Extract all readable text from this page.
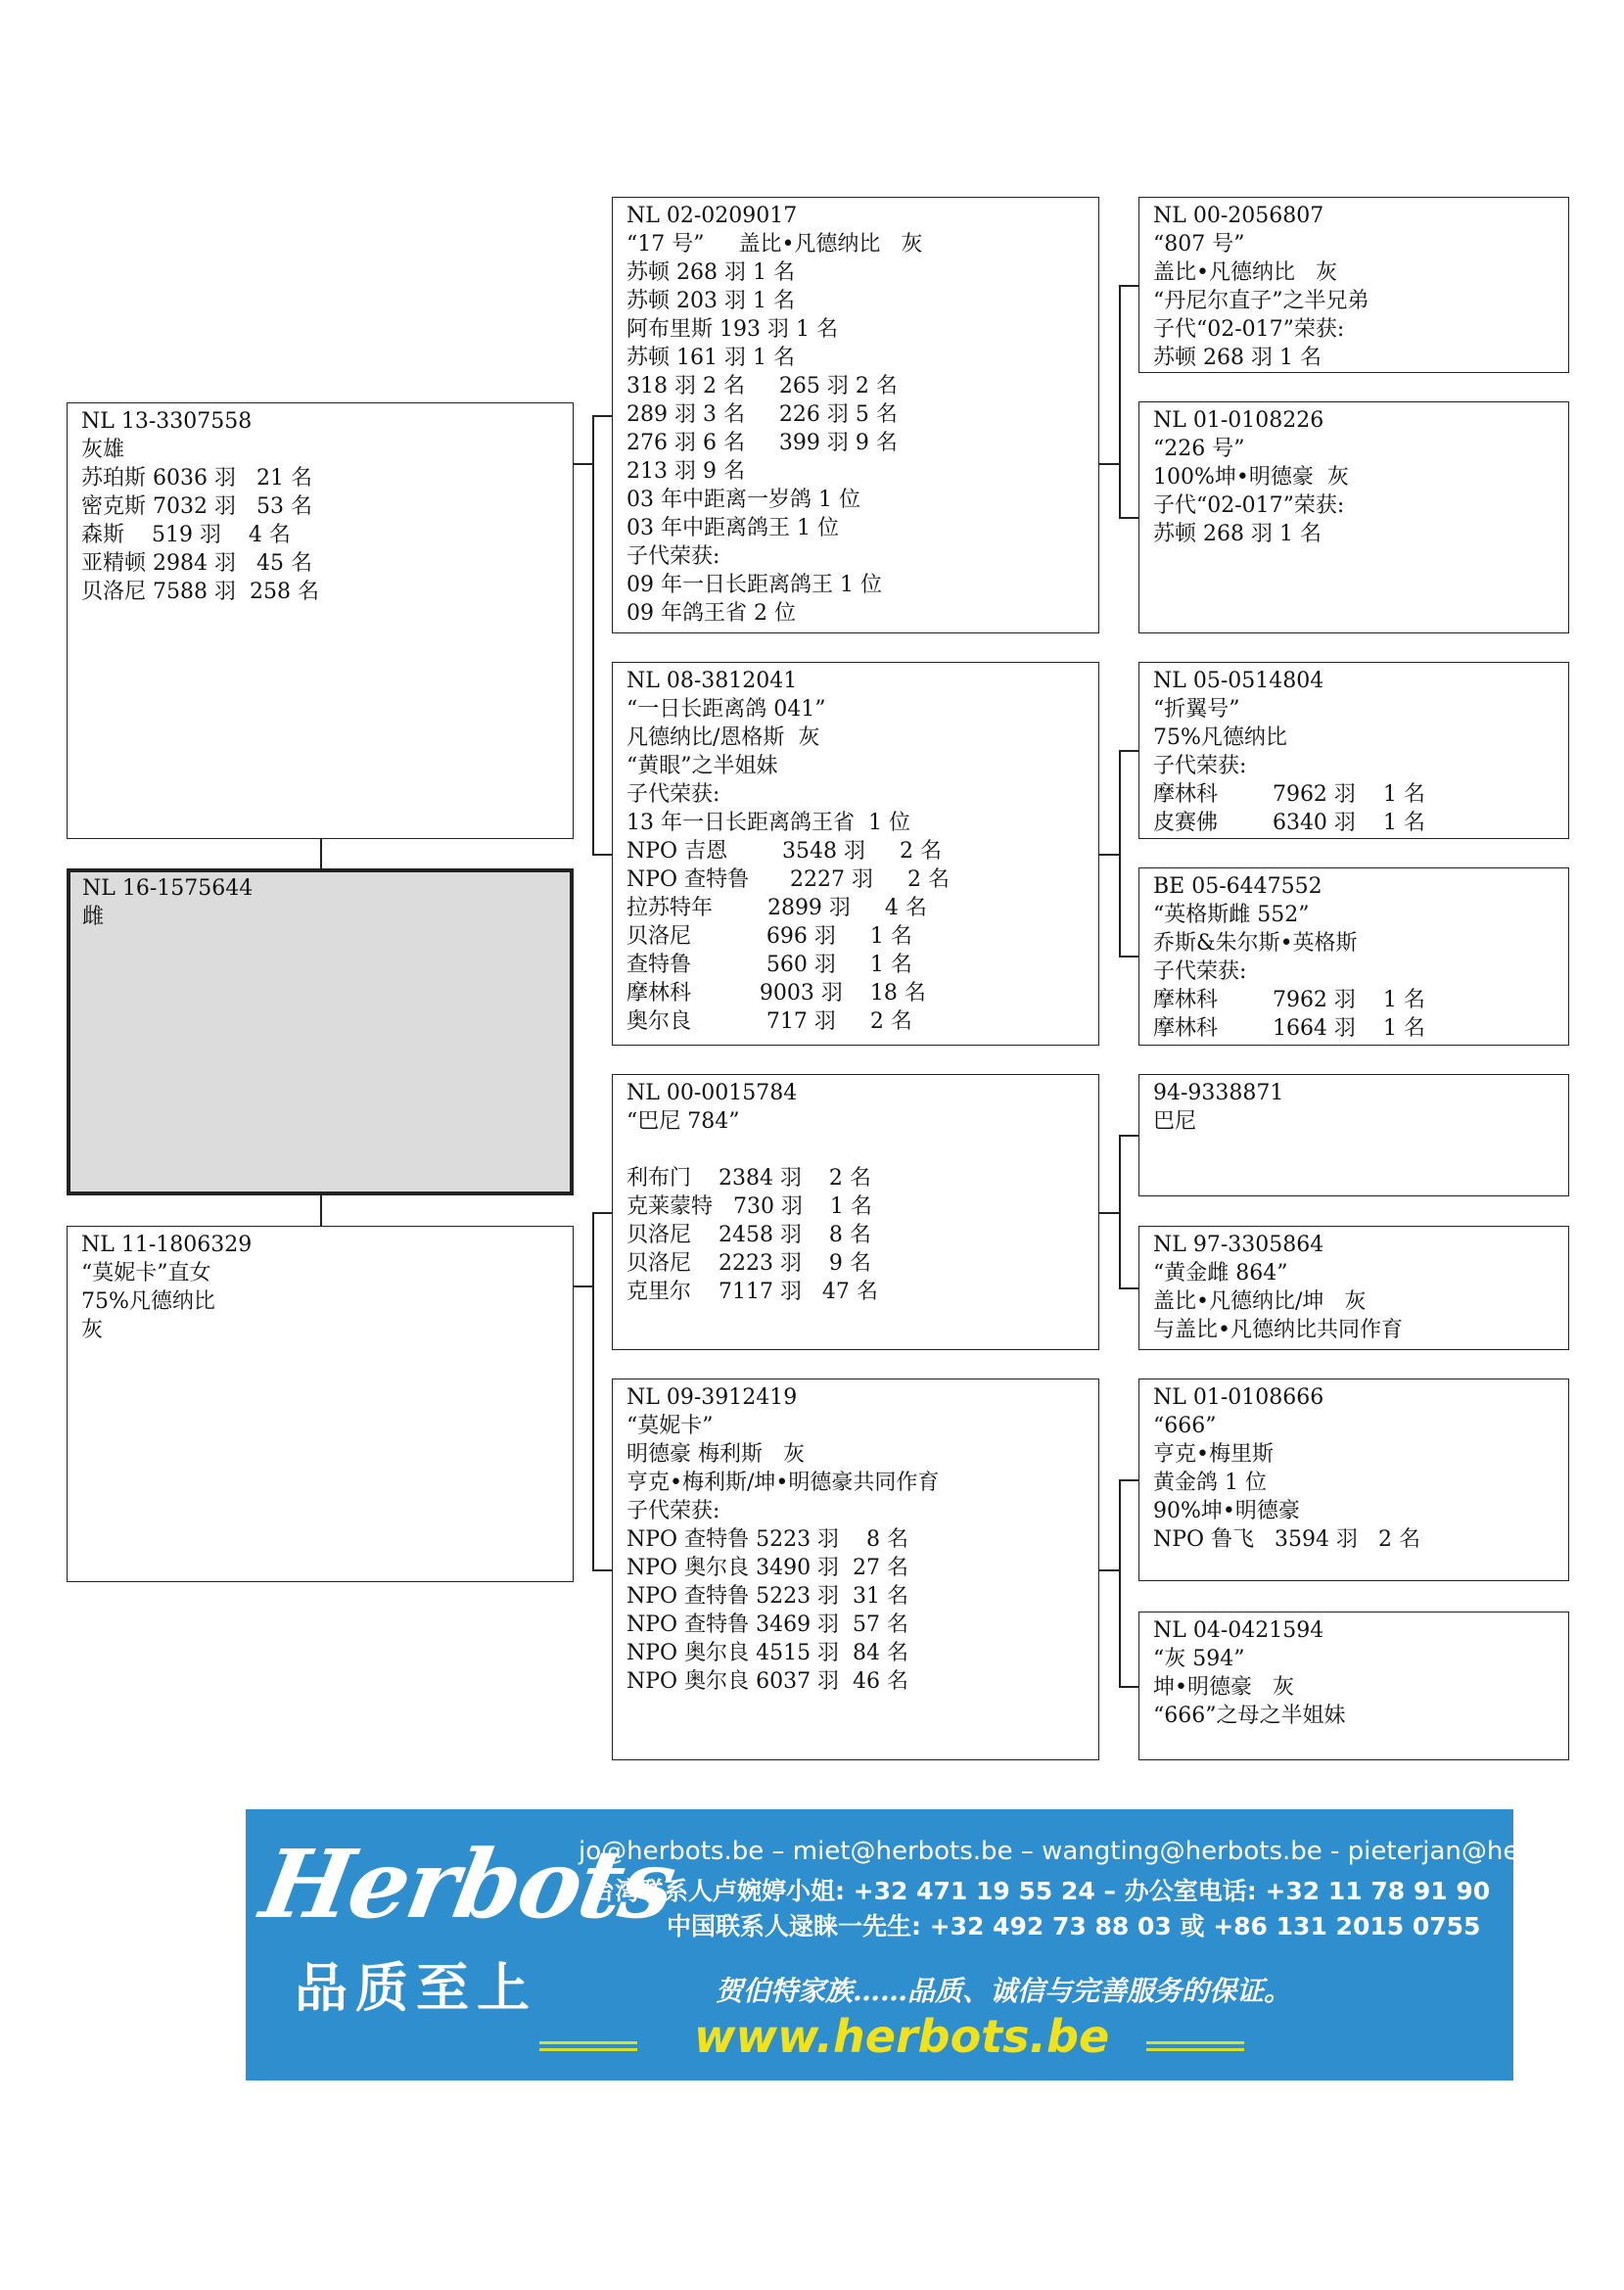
NL 16-1575644
雌
NL 13-3307558
灰雄
苏珀斯 6036 羽   21 名
密克斯 7032 羽   53 名
森斯    519 羽    4 名
亚精顿 2984 羽   45 名
贝洛尼 7588 羽  258 名
NL 11-1806329
“莫妮卡”直女
75%凡德纳比
灰
NL 02-0209017
“17 号”     盖比•凡德纳比   灰
苏顿 268 羽 1 名
苏顿 203 羽 1 名
阿布里斯 193 羽 1 名
苏顿 161 羽 1 名
318 羽 2 名     265 羽 2 名
289 羽 3 名     226 羽 5 名
276 羽 6 名     399 羽 9 名
213 羽 9 名
03 年中距离一岁鸽 1 位
03 年中距离鸽王 1 位
子代荣获:
09 年一日长距离鸽王 1 位
09 年鸽王省 2 位
NL 08-3812041
“一日长距离鸽 041”
凡德纳比/恩格斯  灰
“黄眼”之半姐妹
子代荣获:
13 年一日长距离鸽王省  1 位
NPO 吉恩        3548 羽     2 名
NPO 查特鲁      2227 羽     2 名
拉苏特年        2899 羽     4 名
贝洛尼           696 羽     1 名
查特鲁           560 羽     1 名
摩林科          9003 羽    18 名
奥尔良           717 羽     2 名
NL 00-0015784
“巴尼 784”
利布门    2384 羽    2 名
克莱蒙特   730 羽    1 名
贝洛尼    2458 羽    8 名
贝洛尼    2223 羽    9 名
克里尔    7117 羽   47 名
NL 09-3912419
“莫妮卡”
明德豪 梅利斯   灰
亨克•梅利斯/坤•明德豪共同作育
子代荣获:
NPO 查特鲁 5223 羽    8 名
NPO 奥尔良 3490 羽  27 名
NPO 查特鲁 5223 羽  31 名
NPO 查特鲁 3469 羽  57 名
NPO 奥尔良 4515 羽  84 名
NPO 奥尔良 6037 羽  46 名
NL 00-2056807
“807 号”
盖比•凡德纳比   灰
“丹尼尔直子”之半兄弟
子代“02-017”荣获:
苏顿 268 羽 1 名
NL 01-0108226
“226 号”
100%坤•明德豪  灰
子代“02-017”荣获:
苏顿 268 羽 1 名
NL 05-0514804
“折翼号”
75%凡德纳比
子代荣获:
摩林科        7962 羽    1 名
皮赛佛        6340 羽    1 名
BE 05-6447552
“英格斯雌 552”
乔斯&朱尔斯•英格斯
子代荣获:
摩林科        7962 羽    1 名
摩林科        1664 羽    1 名
94-9338871
巴尼
NL 97-3305864
“黄金雌 864”
盖比•凡德纳比/坤   灰
与盖比•凡德纳比共同作育
NL 01-0108666
“666”
亨克•梅里斯
黄金鸽 1 位
90%坤•明德豪
NPO 鲁飞   3594 羽   2 名
NL 04-0421594
“灰 594”
坤•明德豪   灰
“666”之母之半姐妹
Herbots
品质至上
jo@herbots.be – miet@herbots.be – wangting@herbots.be - pieterjan@herbots.be
台湾联系人卢婉婷小姐: +32 471 19 55 24 – 办公室电话: +32 11 78 91 90
中国联系人逯睐一先生: +32 492 73 88 03 或 +86 131 2015 0755
贺伯特家族……品质、诚信与完善服务的保证。
www.herbots.be
